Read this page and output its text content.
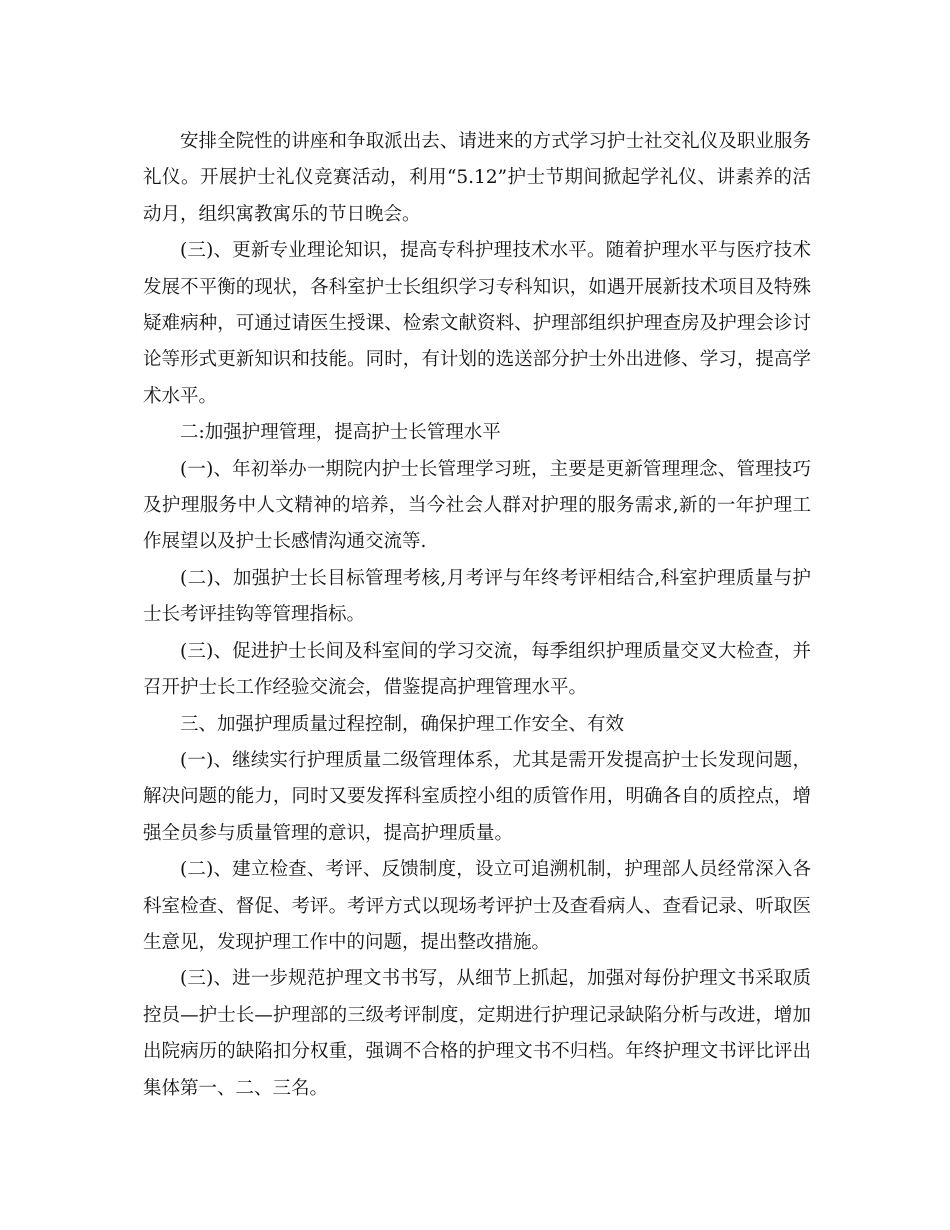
安排全院性的讲座和争取派出去、请进来的方式学习护士社交礼仪及职业服务礼仪。开展护士礼仪竞赛活动，利用“5.12”护士节期间掀起学礼仪、讲素养的活动月，组织寓教寓乐的节日晚会。

(三)、更新专业理论知识，提高专科护理技术水平。随着护理水平与医疗技术发展不平衡的现状，各科室护士长组织学习专科知识，如遇开展新技术项目及特殊疑难病种，可通过请医生授课、检索文献资料、护理部组织护理查房及护理会诊讨论等形式更新知识和技能。同时，有计划的选送部分护士外出进修、学习，提高学术水平。

二:加强护理管理，提高护士长管理水平

(一)、年初举办一期院内护士长管理学习班，主要是更新管理理念、管理技巧及护理服务中人文精神的培养，当今社会人群对护理的服务需求,新的一年护理工作展望以及护士长感情沟通交流等.

(二)、加强护士长目标管理考核,月考评与年终考评相结合,科室护理质量与护士长考评挂钩等管理指标。

(三)、促进护士长间及科室间的学习交流，每季组织护理质量交叉大检查，并召开护士长工作经验交流会，借鉴提高护理管理水平。

三、加强护理质量过程控制，确保护理工作安全、有效

(一)、继续实行护理质量二级管理体系，尤其是需开发提高护士长发现问题，解决问题的能力，同时又要发挥科室质控小组的质管作用，明确各自的质控点，增强全员参与质量管理的意识，提高护理质量。

(二)、建立检查、考评、反馈制度，设立可追溯机制，护理部人员经常深入各科室检查、督促、考评。考评方式以现场考评护士及查看病人、查看记录、听取医生意见，发现护理工作中的问题，提出整改措施。

(三)、进一步规范护理文书书写，从细节上抓起，加强对每份护理文书采取质控员—护士长—护理部的三级考评制度，定期进行护理记录缺陷分析与改进，增加出院病历的缺陷扣分权重，强调不合格的护理文书不归档。年终护理文书评比评出集体第一、二、三名。
